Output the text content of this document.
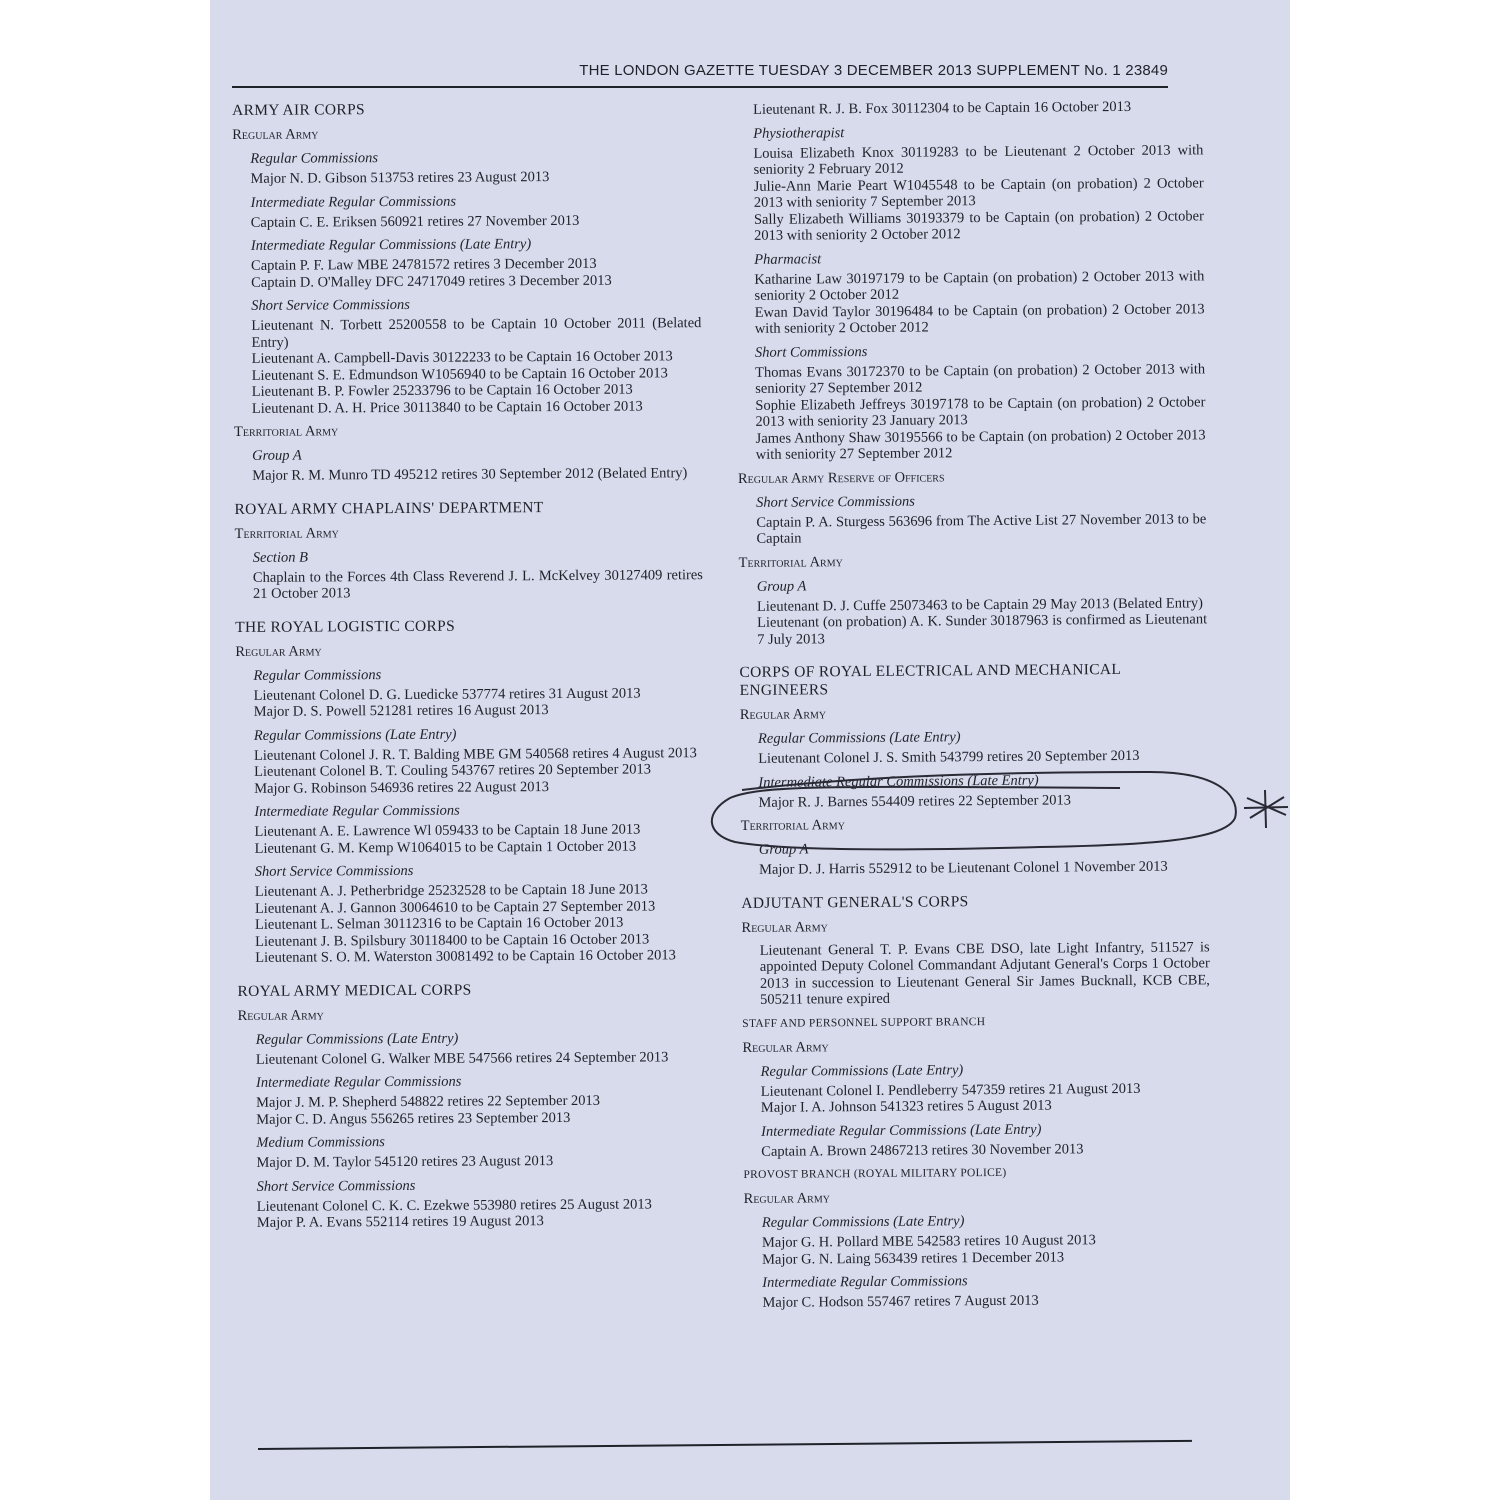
THE LONDON GAZETTE TUESDAY 3 DECEMBER 2013 SUPPLEMENT No. 1 23849
ARMY AIR CORPS
Regular Army
Regular Commissions

Major N. D. Gibson 513753 retires 23 August 2013

Intermediate Regular Commissions

Captain C. E. Eriksen 560921 retires 27 November 2013

Intermediate Regular Commissions (Late Entry)

Captain P. F. Law MBE 24781572 retires 3 December 2013

Captain D. O'Malley DFC 24717049 retires 3 December 2013

Short Service Commissions

Lieutenant N. Torbett 25200558 to be Captain 10 October 2011 (Belated Entry)

Lieutenant A. Campbell-Davis 30122233 to be Captain 16 October 2013

Lieutenant S. E. Edmundson W1056940 to be Captain 16 October 2013

Lieutenant B. P. Fowler 25233796 to be Captain 16 October 2013

Lieutenant D. A. H. Price 30113840 to be Captain 16 October 2013

Territorial Army
Group A

Major R. M. Munro TD 495212 retires 30 September 2012 (Belated Entry)

ROYAL ARMY CHAPLAINS' DEPARTMENT
Territorial Army
Section B

Chaplain to the Forces 4th Class Reverend J. L. McKelvey 30127409 retires 21 October 2013

THE ROYAL LOGISTIC CORPS
Regular Army
Regular Commissions

Lieutenant Colonel D. G. Luedicke 537774 retires 31 August 2013

Major D. S. Powell 521281 retires 16 August 2013

Regular Commissions (Late Entry)

Lieutenant Colonel J. R. T. Balding MBE GM 540568 retires 4 August 2013

Lieutenant Colonel B. T. Couling 543767 retires 20 September 2013

Major G. Robinson 546936 retires 22 August 2013

Intermediate Regular Commissions

Lieutenant A. E. Lawrence Wl 059433 to be Captain 18 June 2013

Lieutenant G. M. Kemp W1064015 to be Captain 1 October 2013

Short Service Commissions

Lieutenant A. J. Petherbridge 25232528 to be Captain 18 June 2013

Lieutenant A. J. Gannon 30064610 to be Captain 27 September 2013

Lieutenant L. Selman 30112316 to be Captain 16 October 2013

Lieutenant J. B. Spilsbury 30118400 to be Captain 16 October 2013

Lieutenant S. O. M. Waterston 30081492 to be Captain 16 October 2013

ROYAL ARMY MEDICAL CORPS
Regular Army
Regular Commissions (Late Entry)

Lieutenant Colonel G. Walker MBE 547566 retires 24 September 2013

Intermediate Regular Commissions

Major J. M. P. Shepherd 548822 retires 22 September 2013

Major C. D. Angus 556265 retires 23 September 2013

Medium Commissions

Major D. M. Taylor 545120 retires 23 August 2013

Short Service Commissions

Lieutenant Colonel C. K. C. Ezekwe 553980 retires 25 August 2013

Major P. A. Evans 552114 retires 19 August 2013

Lieutenant R. J. B. Fox 30112304 to be Captain 16 October 2013

Physiotherapist

Louisa Elizabeth Knox 30119283 to be Lieutenant 2 October 2013 with seniority 2 February 2012

Julie-Ann Marie Peart W1045548 to be Captain (on probation) 2 October 2013 with seniority 7 September 2013

Sally Elizabeth Williams 30193379 to be Captain (on probation) 2 October 2013 with seniority 2 October 2012

Pharmacist

Katharine Law 30197179 to be Captain (on probation) 2 October 2013 with seniority 2 October 2012

Ewan David Taylor 30196484 to be Captain (on probation) 2 October 2013 with seniority 2 October 2012

Short Commissions

Thomas Evans 30172370 to be Captain (on probation) 2 October 2013 with seniority 27 September 2012

Sophie Elizabeth Jeffreys 30197178 to be Captain (on probation) 2 October 2013 with seniority 23 January 2013

James Anthony Shaw 30195566 to be Captain (on probation) 2 October 2013 with seniority 27 September 2012

Regular Army Reserve of Officers
Short Service Commissions

Captain P. A. Sturgess 563696 from The Active List 27 November 2013 to be Captain

Territorial Army
Group A

Lieutenant D. J. Cuffe 25073463 to be Captain 29 May 2013 (Belated Entry)

Lieutenant (on probation) A. K. Sunder 30187963 is confirmed as Lieutenant 7 July 2013

CORPS OF ROYAL ELECTRICAL AND MECHANICAL ENGINEERS
Regular Army
Regular Commissions (Late Entry)

Lieutenant Colonel J. S. Smith 543799 retires 20 September 2013

Intermediate Regular Commissions (Late Entry)

Major R. J. Barnes 554409 retires 22 September 2013

Territorial Army
Group A

Major D. J. Harris 552912 to be Lieutenant Colonel 1 November 2013

ADJUTANT GENERAL'S CORPS
Regular Army

Lieutenant General T. P. Evans CBE DSO, late Light Infantry, 511527 is appointed Deputy Colonel Commandant Adjutant General's Corps 1 October 2013 in succession to Lieutenant General Sir James Bucknall, KCB CBE, 505211 tenure expired

STAFF AND PERSONNEL SUPPORT BRANCH
Regular Army
Regular Commissions (Late Entry)

Lieutenant Colonel I. Pendleberry 547359 retires 21 August 2013

Major I. A. Johnson 541323 retires 5 August 2013

Intermediate Regular Commissions (Late Entry)

Captain A. Brown 24867213 retires 30 November 2013

PROVOST BRANCH (ROYAL MILITARY POLICE)
Regular Army
Regular Commissions (Late Entry)

Major G. H. Pollard MBE 542583 retires 10 August 2013

Major G. N. Laing 563439 retires 1 December 2013

Intermediate Regular Commissions

Major C. Hodson 557467 retires 7 August 2013
